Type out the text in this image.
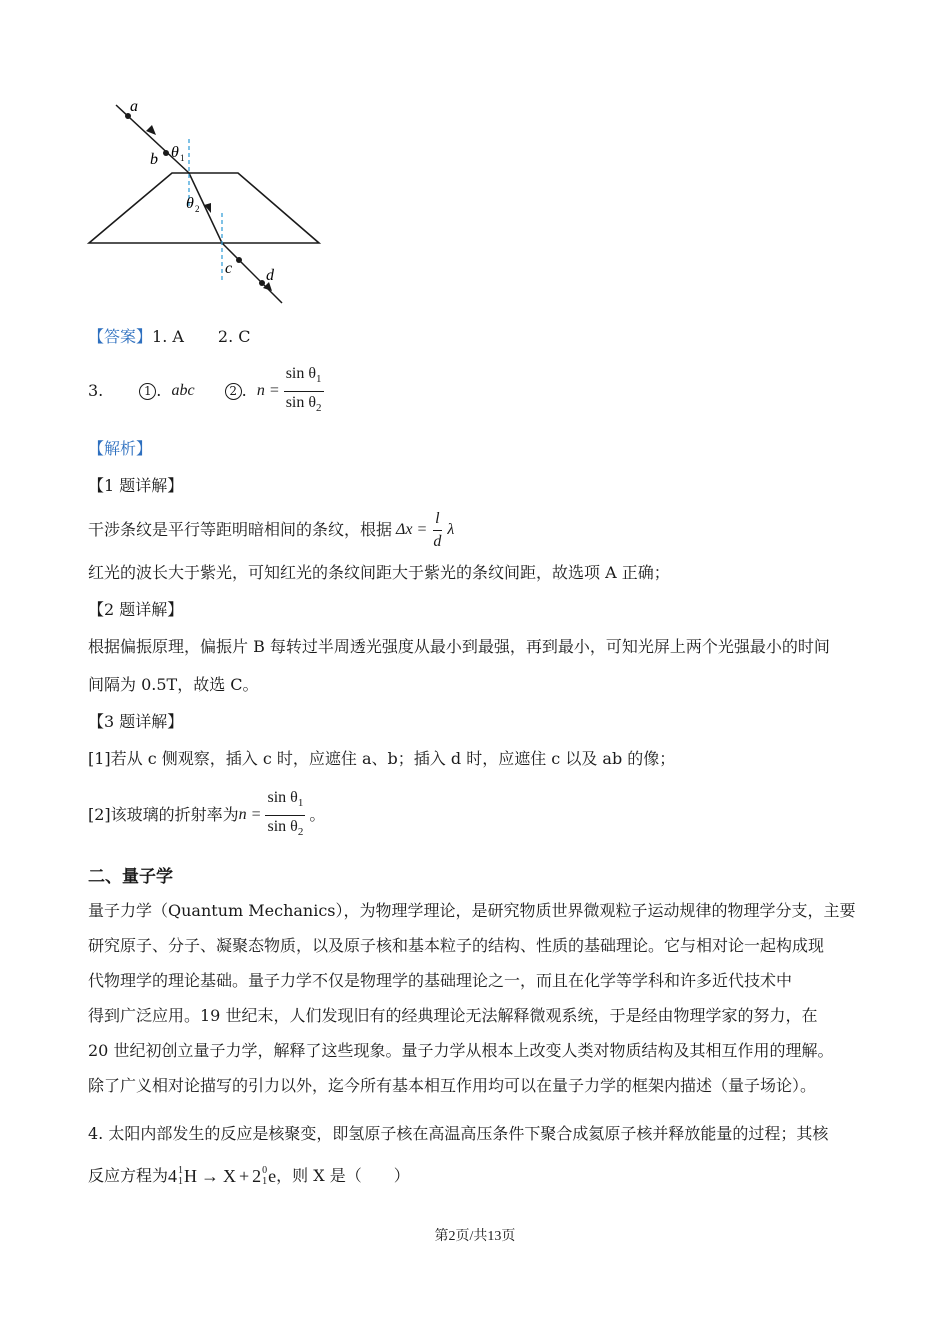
a
b θ 1
θ 2
c d
【答案】1. A 2. C
3.	1 . abc	2 . $n = \frac{\sin \theta_1}{\sin \theta_2}$
【解析】
【1 题详解】
干涉条纹是平行等距明暗相间的条纹，根据 $\Delta x = \frac{l}{d}$ λ
红光的波长大于紫光，可知红光的条纹间距大于紫光的条纹间距，故选项 A 正确；
【2 题详解】
根据偏振原理，偏振片 B 每转过半周透光强度从最小到最强，再到最小，可知光屏上两个光强最小的时间
间隔为 0.5T，故选 C。
【3 题详解】
[1]若从 c 侧观察，插入 c 时，应遮住 a、b；插入 d 时，应遮住 c 以及 ab 的像；
[2]该玻璃的折射率为 $n = \frac{\sin \theta_1}{\sin \theta_2}$ 。
二、量子学
量子力学（Quantum Mechanics），为物理学理论，是研究物质世界微观粒子运动规律的物理学分支，主要
研究原子、分子、凝聚态物质，以及原子核和基本粒子的结构、性质的基础理论。它与相对论一起构成现
代物理学的理论基础。量子力学不仅是物理学的基础理论之一，而且在化学等学科和许多近代技术中
得到广泛应用。19 世纪末，人们发现旧有的经典理论无法解释微观系统，于是经由物理学家的努力，在
20 世纪初创立量子力学，解释了这些现象。量子力学从根本上改变人类对物质结构及其相互作用的理解。
除了广义相对论描写的引力以外，迄今所有基本相互作用均可以在量子力学的框架内描述（量子场论）。
4. 太阳内部发生的反应是核聚变，即氢原子核在高温高压条件下聚合成氦原子核并释放能量的过程；其核
反应方程为 4 1
1 H → X + 2 0
1 e ，则 X 是（　　）
第2页/共13页
